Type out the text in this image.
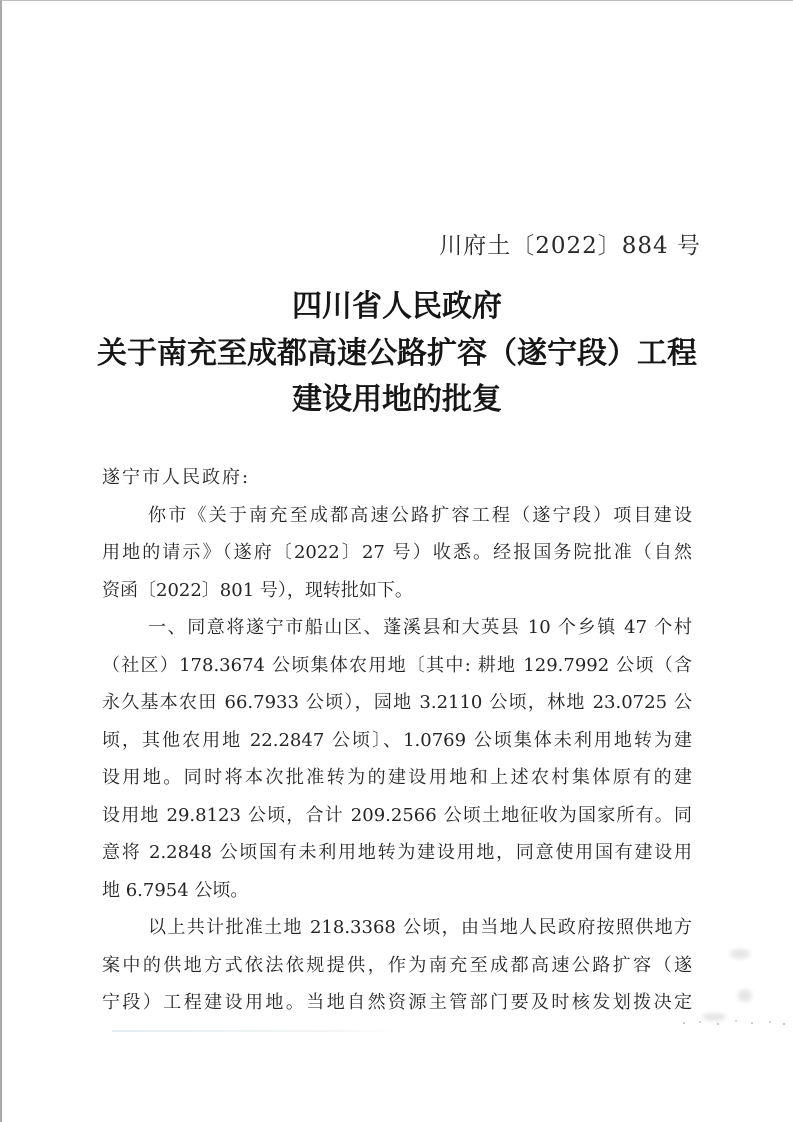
川府土〔2022〕884 号
四川省人民政府
关于南充至成都高速公路扩容（遂宁段）工程
建设用地的批复
遂宁市人民政府:
你市《关于南充至成都高速公路扩容工程（遂宁段）项目建设
用地的请示》（遂府〔2022〕27 号）收悉。经报国务院批准（自然
资函〔2022〕801 号），现转批如下。
一、同意将遂宁市船山区、蓬溪县和大英县 10 个乡镇 47 个村
（社区）178.3674 公顷集体农用地〔其中: 耕地 129.7992 公顷（含
永久基本农田 66.7933 公顷），园地 3.2110 公顷，林地 23.0725 公
顷，其他农用地 22.2847 公顷〕、1.0769 公顷集体未利用地转为建
设用地。同时将本次批准转为的建设用地和上述农村集体原有的建
设用地 29.8123 公顷，合计 209.2566 公顷土地征收为国家所有。同
意将 2.2848 公顷国有未利用地转为建设用地，同意使用国有建设用
地 6.7954 公顷。
以上共计批准土地 218.3368 公顷，由当地人民政府按照供地方
案中的供地方式依法依规提供，作为南充至成都高速公路扩容（遂
宁段）工程建设用地。当地自然资源主管部门要及时核发划拨决定
